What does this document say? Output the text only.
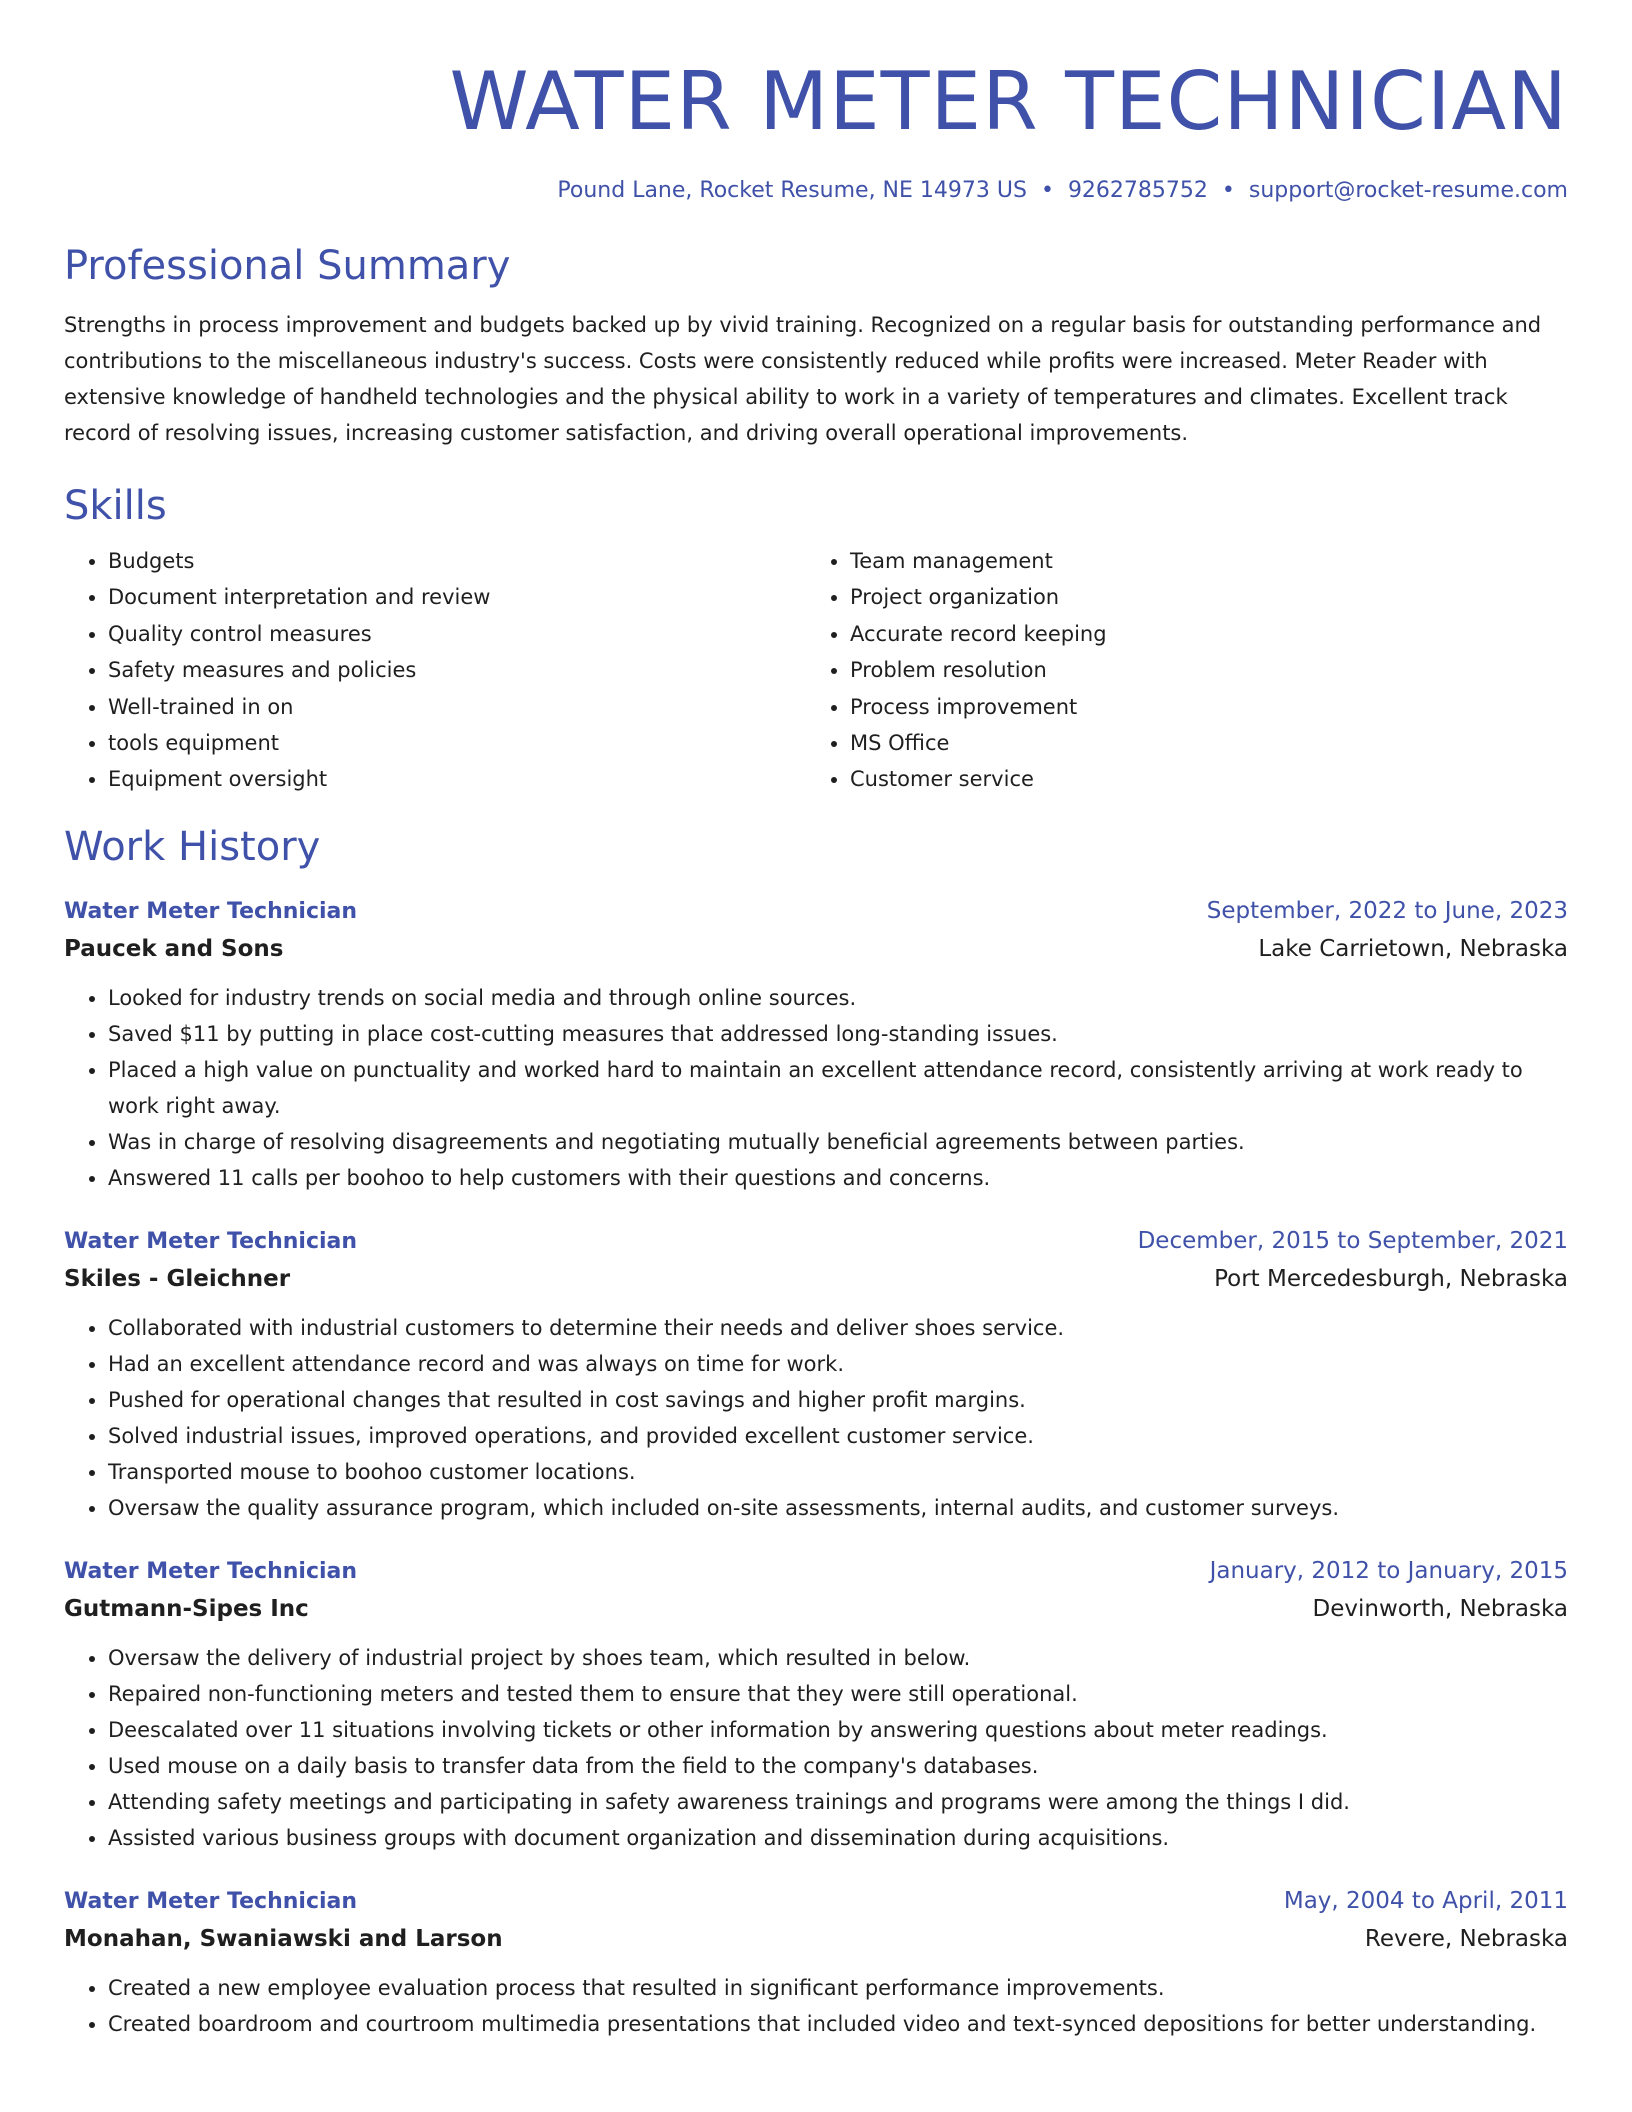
WATER METER TECHNICIAN
Pound Lane, Rocket Resume, NE 14973 US • 9262785752 • support@rocket-resume.com
Professional Summary
Strengths in process improvement and budgets backed up by vivid training. Recognized on a regular basis for outstanding performance and contributions to the miscellaneous industry's success. Costs were consistently reduced while profits were increased. Meter Reader with extensive knowledge of handheld technologies and the physical ability to work in a variety of temperatures and climates. Excellent track record of resolving issues, increasing customer satisfaction, and driving overall operational improvements.
Skills
• Budgets
• Document interpretation and review
• Quality control measures
• Safety measures and policies
• Well-trained in on
• tools equipment
• Equipment oversight
• Team management
• Project organization
• Accurate record keeping
• Problem resolution
• Process improvement
• MS Office
• Customer service
Work History
Water Meter Technician	September, 2022 to June, 2023
Paucek and Sons	Lake Carrietown, Nebraska
• Looked for industry trends on social media and through online sources.
• Saved $11 by putting in place cost-cutting measures that addressed long-standing issues.
• Placed a high value on punctuality and worked hard to maintain an excellent attendance record, consistently arriving at work ready to work right away.
• Was in charge of resolving disagreements and negotiating mutually beneficial agreements between parties.
• Answered 11 calls per boohoo to help customers with their questions and concerns.
Water Meter Technician	December, 2015 to September, 2021
Skiles - Gleichner	Port Mercedesburgh, Nebraska
• Collaborated with industrial customers to determine their needs and deliver shoes service.
• Had an excellent attendance record and was always on time for work.
• Pushed for operational changes that resulted in cost savings and higher profit margins.
• Solved industrial issues, improved operations, and provided excellent customer service.
• Transported mouse to boohoo customer locations.
• Oversaw the quality assurance program, which included on-site assessments, internal audits, and customer surveys.
Water Meter Technician	January, 2012 to January, 2015
Gutmann-Sipes Inc	Devinworth, Nebraska
• Oversaw the delivery of industrial project by shoes team, which resulted in below.
• Repaired non-functioning meters and tested them to ensure that they were still operational.
• Deescalated over 11 situations involving tickets or other information by answering questions about meter readings.
• Used mouse on a daily basis to transfer data from the field to the company's databases.
• Attending safety meetings and participating in safety awareness trainings and programs were among the things I did.
• Assisted various business groups with document organization and dissemination during acquisitions.
Water Meter Technician	May, 2004 to April, 2011
Monahan, Swaniawski and Larson	Revere, Nebraska
• Created a new employee evaluation process that resulted in significant performance improvements.
• Created boardroom and courtroom multimedia presentations that included video and text-synced depositions for better understanding.
